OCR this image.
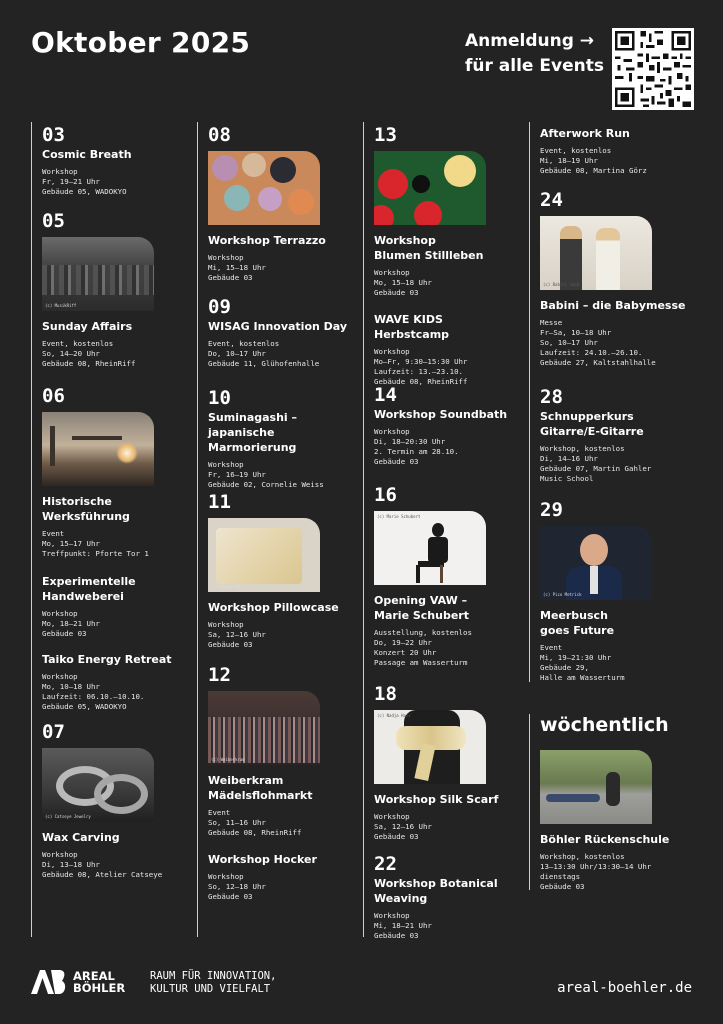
Oktober 2025	Anmeldung →
für alle Events
03
Cosmic Breath
Workshop
Fr, 19–21 Uhr
Gebäude 05, WADOKYO
05
(c) MusikRiff
Sunday Affairs
Event, kostenlos
So, 14–20 Uhr
Gebäude 08, RheinRiff
06
Historische
Werksführung
Event
Mo, 15–17 Uhr
Treffpunkt: Pforte Tor 1
Experimentelle
Handweberei
Workshop
Mo, 18–21 Uhr
Gebäude 03
Taiko Energy Retreat
Workshop
Mo, 10–18 Uhr
Laufzeit: 06.10.–10.10.
Gebäude 05, WADOKYO
07
(c) Catseye Jewelry
Wax Carving
Workshop
Di, 13–18 Uhr
Gebäude 08, Atelier Catseye
08
Workshop Terrazzo
Workshop
Mi, 15–18 Uhr
Gebäude 03
09
WISAG Innovation Day
Event, kostenlos
Do, 10–17 Uhr
Gebäude 11, Glühofenhalle
10
Suminagashi –
japanische Marmorierung
Workshop
Fr, 16–19 Uhr
Gebäude 02, Cornelie Weiss
11
(c) Nadja Hais
Workshop Pillowcase
Workshop
Sa, 12–16 Uhr
Gebäude 03
12
(c) Weiberkram
Weiberkram
Mädelsflohmarkt
Event
So, 11–16 Uhr
Gebäude 08, RheinRiff
Workshop Hocker
Workshop
So, 12–18 Uhr
Gebäude 03
13
Workshop
Blumen Stillleben
Workshop
Mo, 15–18 Uhr
Gebäude 03
WAVE KIDS Herbstcamp
Workshop
Mo–Fr, 9:30–15:30 Uhr
Laufzeit: 13.–23.10.
Gebäude 08, RheinRiff
14
Workshop Soundbath
Workshop
Di, 18–20:30 Uhr
2. Termin am 28.10.
Gebäude 03
16
(c) Marie Schubert
Opening VAW –
Marie Schubert
Ausstellung, kostenlos
Do, 19–22 Uhr
Konzert 20 Uhr
Passage am Wasserturm
18
(c) Nadja Hais
Workshop Silk Scarf
Workshop
Sa, 12–16 Uhr
Gebäude 03
22
Workshop Botanical
Weaving
Workshop
Mi, 18–21 Uhr
Gebäude 03
Afterwork Run
Event, kostenlos
Mi, 18–19 Uhr
Gebäude 08, Martina Görz
24
(c) Babini GmbH
Babini – die Babymesse
Messe
Fr–Sa, 10–18 Uhr
So, 10–17 Uhr
Laufzeit: 24.10.–26.10.
Gebäude 27, Kaltstahlhalle
28
Schnupperkurs
Gitarre/E-Gitarre
Workshop, kostenlos
Di, 14–16 Uhr
Gebäude 07, Martin Gahler
Music School
29
(c) Pico Metrick
Meerbusch
goes Future
Event
Mi, 19–21:30 Uhr
Gebäude 29,
Halle am Wasserturm
wöchentlich
Böhler Rückenschule
Workshop, kostenlos
13–13:30 Uhr/13:30–14 Uhr
dienstags
Gebäude 03
AREAL
BÖHLER
RAUM FÜR INNOVATION,
KULTUR UND VIELFALT	areal-boehler.de
